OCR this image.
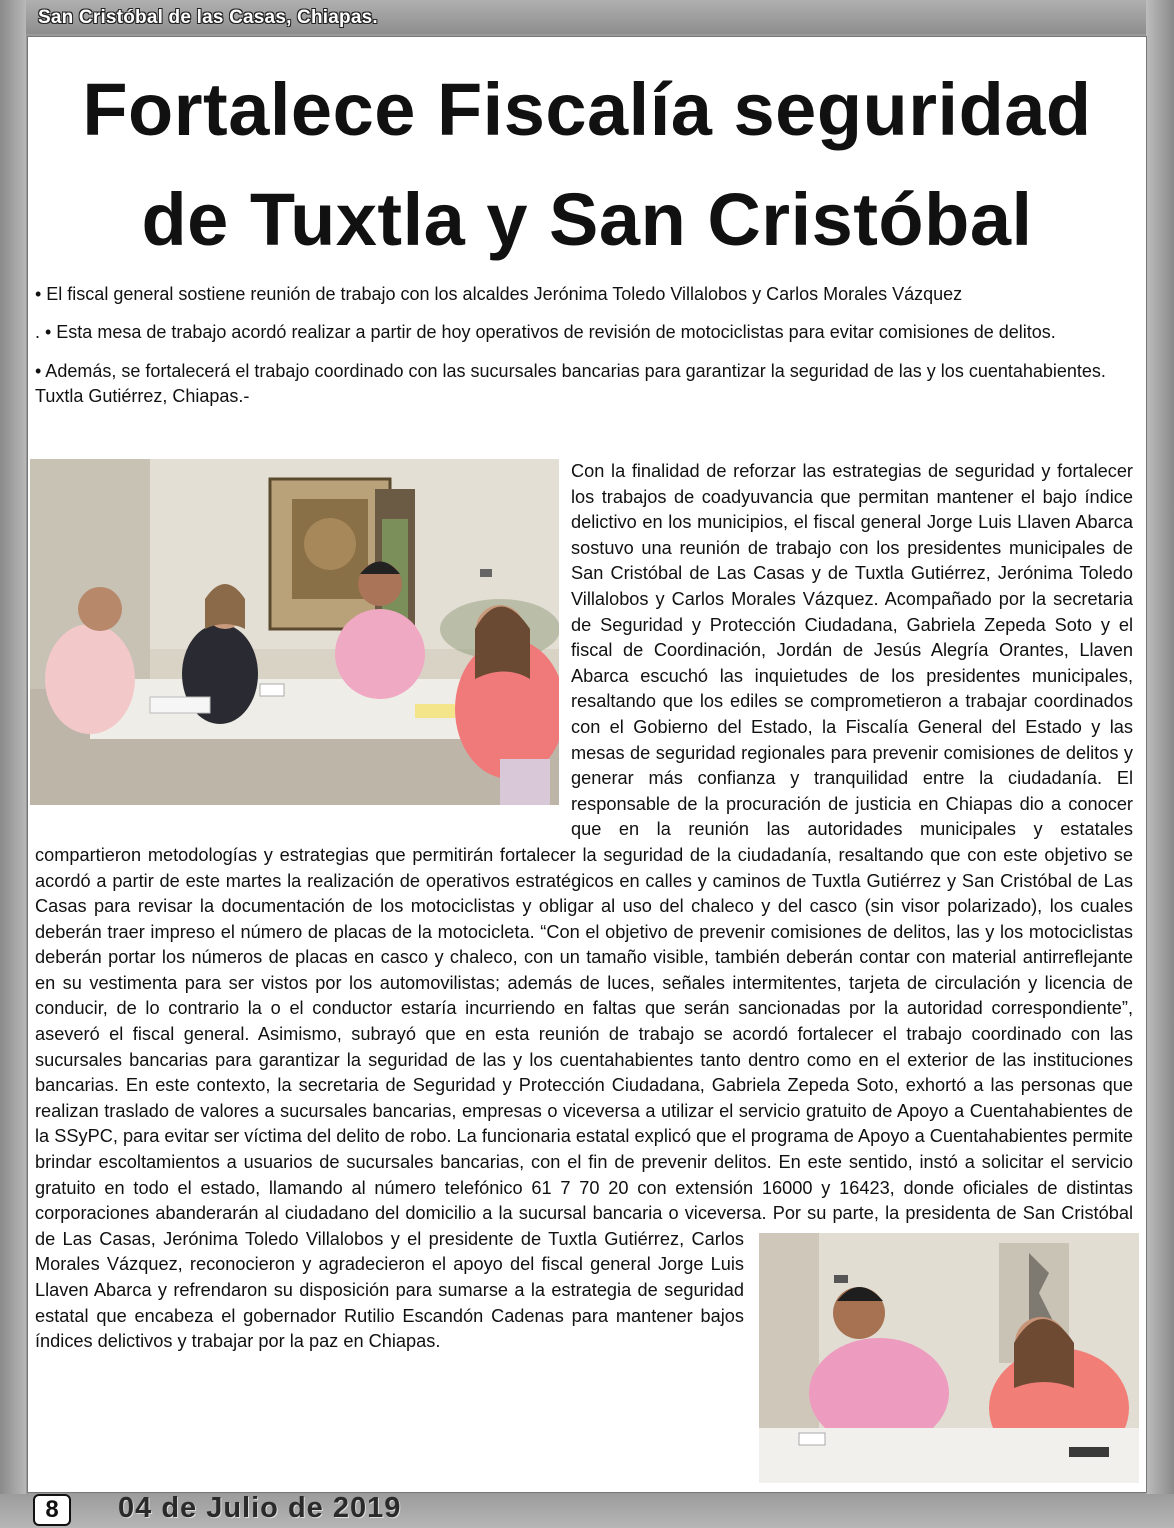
San Cristóbal de las Casas, Chiapas.
Fortalece Fiscalía seguridad
de Tuxtla y San Cristóbal

• El fiscal general sostiene reunión de trabajo con los alcaldes Jerónima Toledo Villalobos y Carlos Morales Vázquez

. • Esta mesa de trabajo acordó realizar a partir de hoy operativos de revisión de motociclistas para evitar comisiones de delitos.

• Además, se fortalecerá el trabajo coordinado con las sucursales bancarias para garantizar la seguridad de las y los cuentahabientes. Tuxtla Gutiérrez, Chiapas.-

Con la finalidad de reforzar las estrategias de seguridad y fortalecer los trabajos de coadyuvancia que permitan mantener el bajo índice delictivo en los municipios, el fiscal general Jorge Luis Llaven Abarca sostuvo una reunión de trabajo con los presidentes municipales de San Cristóbal de Las Casas y de Tuxtla Gutiérrez, Jerónima Toledo Villalobos y Carlos Morales Vázquez. Acompañado por la secretaria de Seguridad y Protección Ciudadana, Gabriela Zepeda Soto y el fiscal de Coordinación, Jordán de Jesús Alegría Orantes, Llaven Abarca escuchó las inquietudes de los presidentes municipales, resaltando que los ediles se comprometieron a trabajar coordinados con el Gobierno del Estado, la Fiscalía General del Estado y las mesas de seguridad regionales para prevenir comisiones de delitos y generar más confianza y tranquilidad entre la ciudadanía. El responsable de la procuración de justicia en Chiapas dio a conocer que en la reunión las autoridades municipales y estatales compartieron metodologías y estrategias que permitirán fortalecer la seguridad de la ciudadanía, resaltando que con este objetivo se acordó a partir de este martes la realización de operativos estratégicos en calles y caminos de Tuxtla Gutiérrez y San Cristóbal de Las Casas para revisar la documentación de los motociclistas y obligar al uso del chaleco y del casco (sin visor polarizado), los cuales deberán traer impreso el número de placas de la motocicleta. “Con el objetivo de prevenir comisiones de delitos, las y los motociclistas deberán portar los números de placas en casco y chaleco, con un tamaño visible, también deberán contar con material antirreflejante en su vestimenta para ser vistos por los automovilistas; además de luces, señales intermitentes, tarjeta de circulación y licencia de conducir, de lo contrario la o el conductor estaría incurriendo en faltas que serán sancionadas por la autoridad correspondiente”, aseveró el fiscal general. Asimismo, subrayó que en esta reunión de trabajo se acordó fortalecer el trabajo coordinado con las sucursales bancarias para garantizar la seguridad de las y los cuentahabientes tanto dentro como en el exterior de las instituciones bancarias. En este contexto, la secretaria de Seguridad y Protección Ciudadana, Gabriela Zepeda Soto, exhortó a las personas que realizan traslado de valores a sucursales bancarias, empresas o viceversa a utilizar el servicio gratuito de Apoyo a Cuentahabientes de la SSyPC, para evitar ser víctima del delito de robo. La funcionaria estatal explicó que el programa de Apoyo a Cuentahabientes permite brindar escoltamientos a usuarios de sucursales bancarias, con el fin de prevenir delitos. En este sentido, instó a solicitar el servicio gratuito en todo el estado, llamando al número telefónico 61 7 70 20 con extensión 16000 y 16423, donde oficiales de distintas corporaciones abanderarán al ciudadano del domicilio a la sucursal bancaria o viceversa. Por su parte, la presidenta de San Cristóbal de Las Casas, Jerónima Toledo Villalobos y el presidente de Tuxtla Gutiérrez, Carlos Morales Vázquez, reconocieron y agradecieron el apoyo del fiscal general Jorge Luis Llaven Abarca y refrendaron su disposición para sumarse a la estrategia de seguridad estatal que encabeza el gobernador Rutilio Escandón Cadenas para mantener bajos índices delictivos y trabajar por la paz en Chiapas.

8	04 de Julio de 2019
